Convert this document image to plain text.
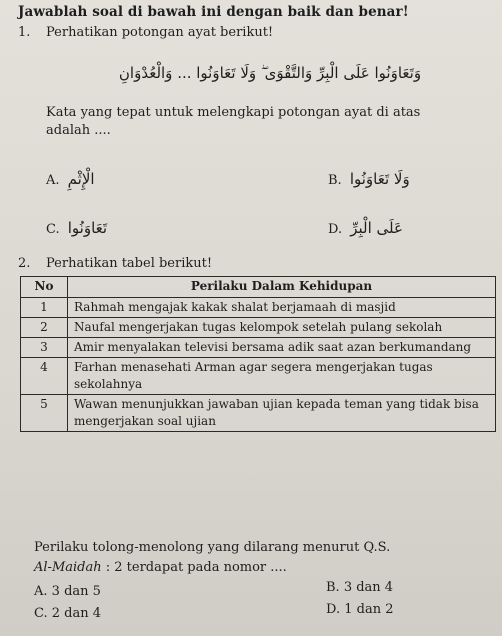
Jawablah soal di bawah ini dengan baik dan benar!
1. Perhatikan potongan ayat berikut!
وَتَعَاوَنُوا عَلَى الْبِرِّ وَالتَّقْوَى ۖ وَلَا تَعَاوَنُوا ... وَالْعُدْوَانِ
Kata yang tepat untuk melengkapi potongan ayat di atas adalah ....
A. الْإِثْمِ	B. وَلَا تَعَاوَنُوا
C. تَعَاوَنُوا	D. عَلَى الْبِرِّ
2. Perhatikan tabel berikut!
No	Perilaku Dalam Kehidupan
1	Rahmah mengajak kakak shalat berjamaah di masjid
2	Naufal mengerjakan tugas kelompok setelah pulang sekolah
3	Amir menyalakan televisi bersama adik saat azan berkumandang
4	Farhan menasehati Arman agar segera mengerjakan tugas sekolahnya
5	Wawan menunjukkan jawaban ujian kepada teman yang tidak bisa mengerjakan soal ujian
Perilaku tolong-menolong yang dilarang menurut Q.S.
Al-Maidah : 2 terdapat pada nomor ....
A. 3 dan 5	B. 3 dan 4
C. 2 dan 4	D. 1 dan 2
